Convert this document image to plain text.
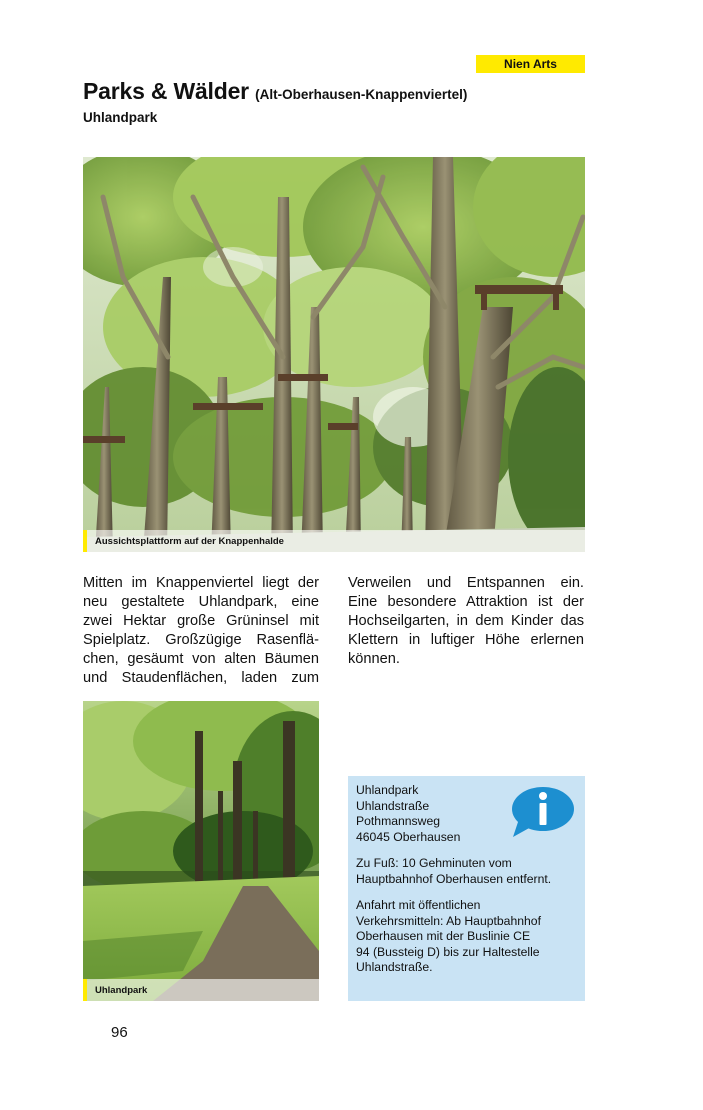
Nien Arts
Parks & Wälder (Alt-Oberhausen-Knappenviertel)
Uhlandpark
Aussichtsplattform auf der Knappenhalde
Mitten im Knappenviertel liegt der
neu gestaltete Uhlandpark, eine
zwei Hektar große Grüninsel mit
Spielplatz. Großzügige Rasenflä-
chen, gesäumt von alten Bäumen
und Staudenflächen, laden zum
Verweilen und Entspannen ein.
Eine besondere Attraktion ist der
Hochseilgarten, in dem Kinder das
Klettern in luftiger Höhe erlernen
können.
Uhlandpark
Uhlandpark
Uhlandstraße
Pothmannsweg
46045 Oberhausen
Zu Fuß: 10 Gehminuten vom
Hauptbahnhof Oberhausen entfernt.
Anfahrt mit öffentlichen
Verkehrsmitteln: Ab Hauptbahnhof
Oberhausen mit der Buslinie CE
94 (Bussteig D) bis zur Haltestelle
Uhlandstraße.
96
